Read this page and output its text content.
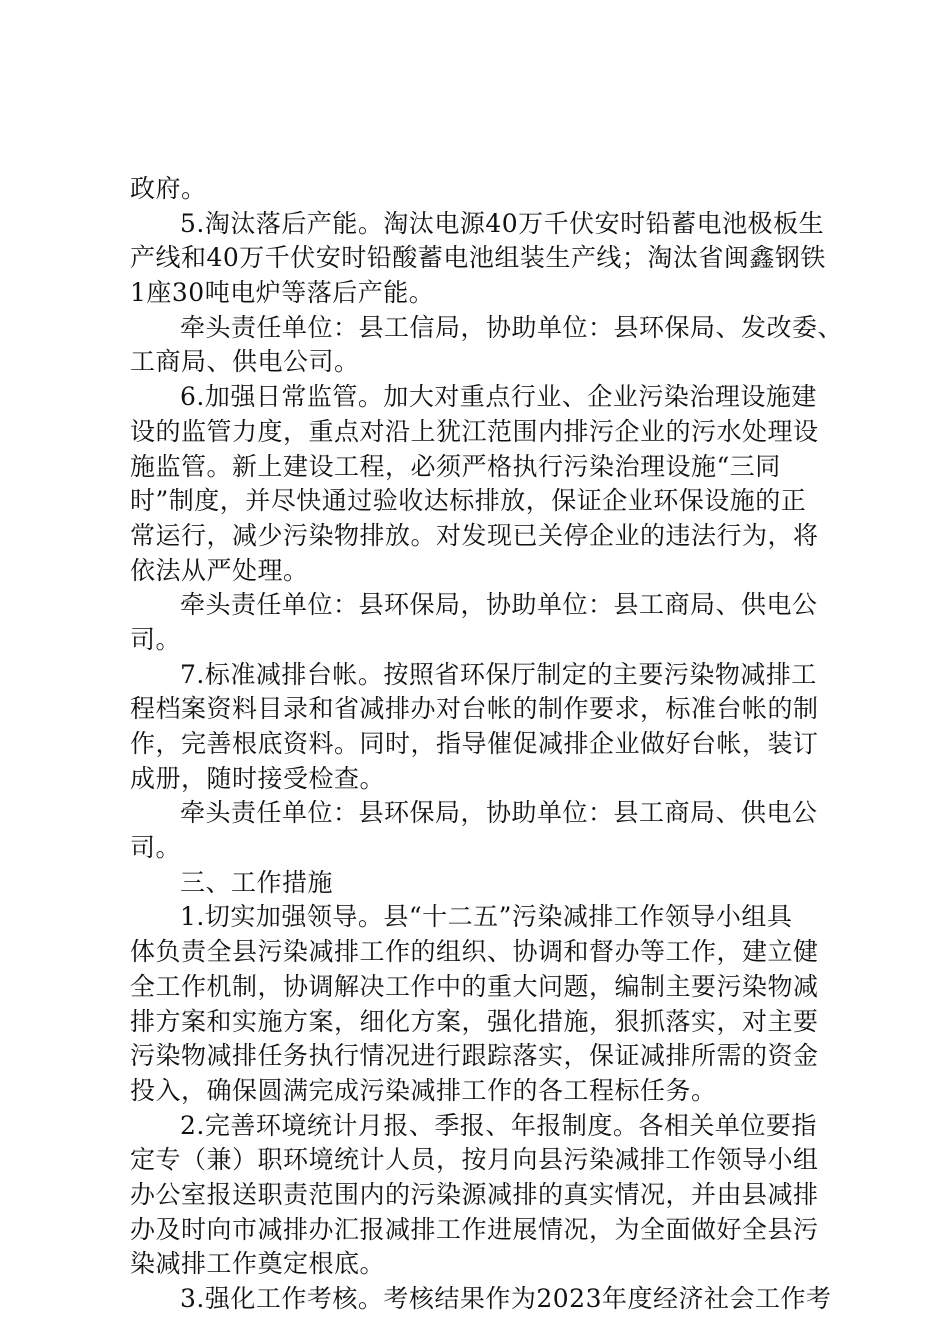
政府。
5.淘汰落后产能。淘汰电源40万千伏安时铅蓄电池极板生
产线和40万千伏安时铅酸蓄电池组装生产线；淘汰省闽鑫钢铁
1座30吨电炉等落后产能。
牵头责任单位：县工信局，协助单位：县环保局、发改委、
工商局、供电公司。
6.加强日常监管。加大对重点行业、企业污染治理设施建
设的监管力度，重点对沿上犹江范围内排污企业的污水处理设
施监管。新上建设工程，必须严格执行污染治理设施“三同
时”制度，并尽快通过验收达标排放，保证企业环保设施的正
常运行，减少污染物排放。对发现已关停企业的违法行为，将
依法从严处理。
牵头责任单位：县环保局，协助单位：县工商局、供电公
司。
7.标准减排台帐。按照省环保厅制定的主要污染物减排工
程档案资料目录和省减排办对台帐的制作要求，标准台帐的制
作，完善根底资料。同时，指导催促减排企业做好台帐，装订
成册，随时接受检查。
牵头责任单位：县环保局，协助单位：县工商局、供电公
司。
三、工作措施
1.切实加强领导。县“十二五”污染减排工作领导小组具
体负责全县污染减排工作的组织、协调和督办等工作，建立健
全工作机制，协调解决工作中的重大问题，编制主要污染物减
排方案和实施方案，细化方案，强化措施，狠抓落实，对主要
污染物减排任务执行情况进行跟踪落实，保证减排所需的资金
投入，确保圆满完成污染减排工作的各工程标任务。
2.完善环境统计月报、季报、年报制度。各相关单位要指
定专（兼）职环境统计人员，按月向县污染减排工作领导小组
办公室报送职责范围内的污染源减排的真实情况，并由县减排
办及时向市减排办汇报减排工作进展情况，为全面做好全县污
染减排工作奠定根底。
3.强化工作考核。考核结果作为2023年度经济社会工作考
